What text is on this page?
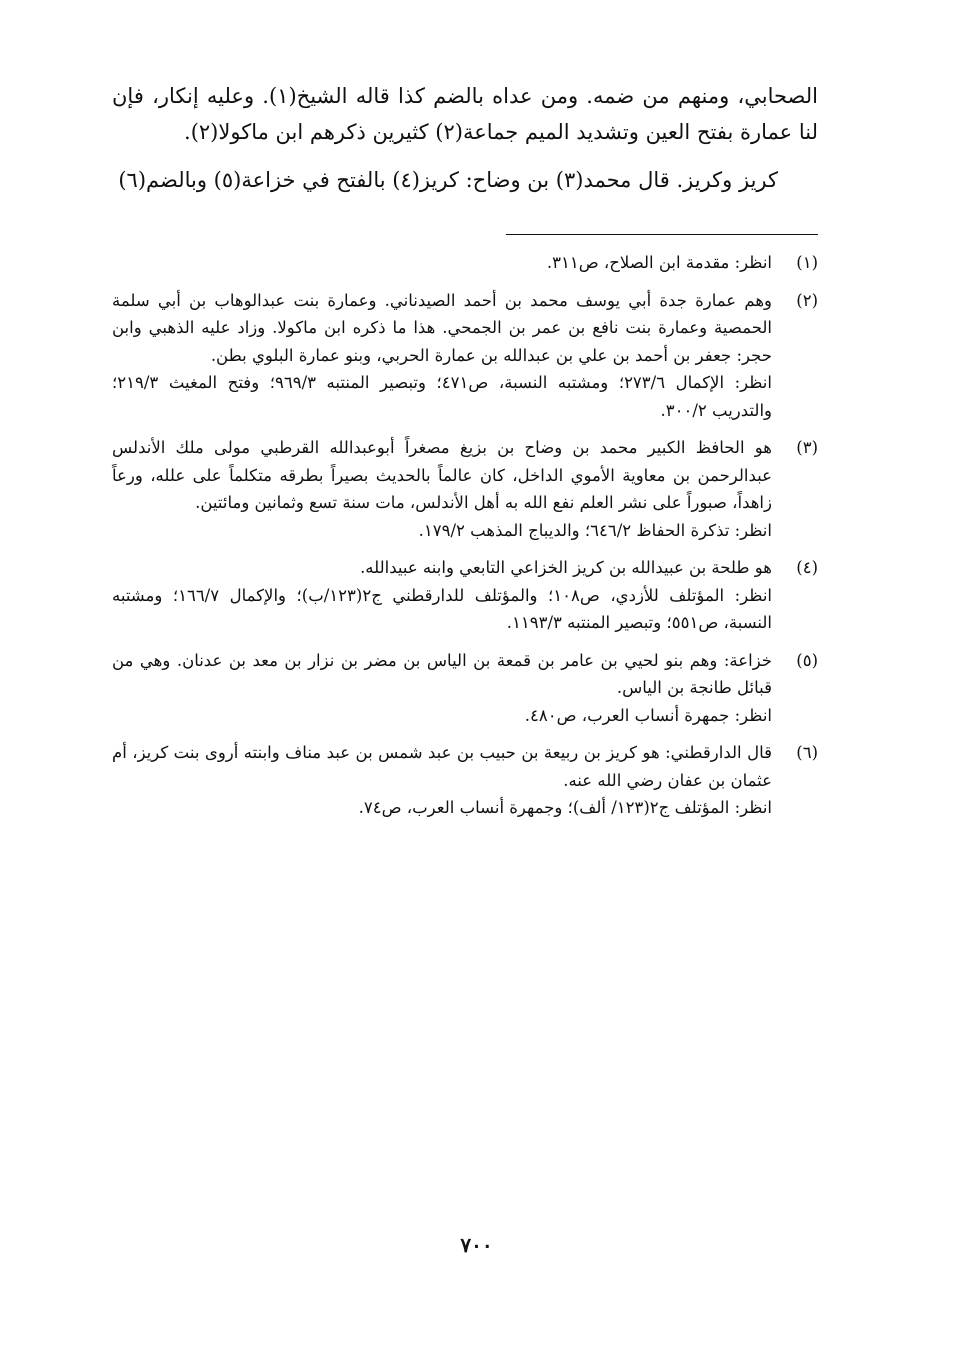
الصحابي، ومنهم من ضمه. ومن عداه بالضم كذا قاله الشيخ(١). وعليه إنكار، فإن لنا عمارة بفتح العين وتشديد الميم جماعة(٢) كثيرين ذكرهم ابن ماكولا(٢).

كريز وكريز. قال محمد(٣) بن وضاح: كريز(٤) بالفتح في خزاعة(٥) وبالضم(٦)

(١)
انظر: مقدمة ابن الصلاح، ص٣١١.
(٢)
وهم عمارة جدة أبي يوسف محمد بن أحمد الصيدناني. وعمارة بنت عبدالوهاب بن أبي سلمة الحمصية وعمارة بنت نافع بن عمر بن الجمحي. هذا ما ذكره ابن ماكولا. وزاد عليه الذهبي وابن حجر: جعفر بن أحمد بن علي بن عبدالله بن عمارة الحربي، وبنو عمارة البلوي بطن.
انظر: الإكمال ٢٧٣/٦؛ ومشتبه النسبة، ص٤٧١؛ وتبصير المنتبه ٩٦٩/٣؛ وفتح المغيث ٢١٩/٣؛ والتدريب ٣٠٠/٢.
(٣)
هو الحافظ الكبير محمد بن وضاح بن بزيغ مصغراً أبوعبدالله القرطبي مولى ملك الأندلس عبدالرحمن بن معاوية الأموي الداخل، كان عالماً بالحديث بصيراً بطرقه متكلماً على علله، ورعاً زاهداً، صبوراً على نشر العلم نفع الله به أهل الأندلس، مات سنة تسع وثمانين ومائتين.
انظر: تذكرة الحفاظ ٦٤٦/٢؛ والديباج المذهب ١٧٩/٢.
(٤)
هو طلحة بن عبيدالله بن كريز الخزاعي التابعي وابنه عبيدالله.
انظر: المؤتلف للأزدي، ص١٠٨؛ والمؤتلف للدارقطني ج٢(١٢٣/ب)؛ والإكمال ١٦٦/٧؛ ومشتبه النسبة، ص٥٥١؛ وتبصير المنتبه ١١٩٣/٣.
(٥)
خزاعة: وهم بنو لحيي بن عامر بن قمعة بن الياس بن مضر بن نزار بن معد بن عدنان. وهي من قبائل طانجة بن الياس.
انظر: جمهرة أنساب العرب، ص٤٨٠.
(٦)
قال الدارقطني: هو كريز بن ربيعة بن حبيب بن عبد شمس بن عبد مناف وابنته أروى بنت كريز، أم عثمان بن عفان رضي الله عنه.
انظر: المؤتلف ج٢(١٢٣/ ألف)؛ وجمهرة أنساب العرب، ص٧٤.
٧٠٠
